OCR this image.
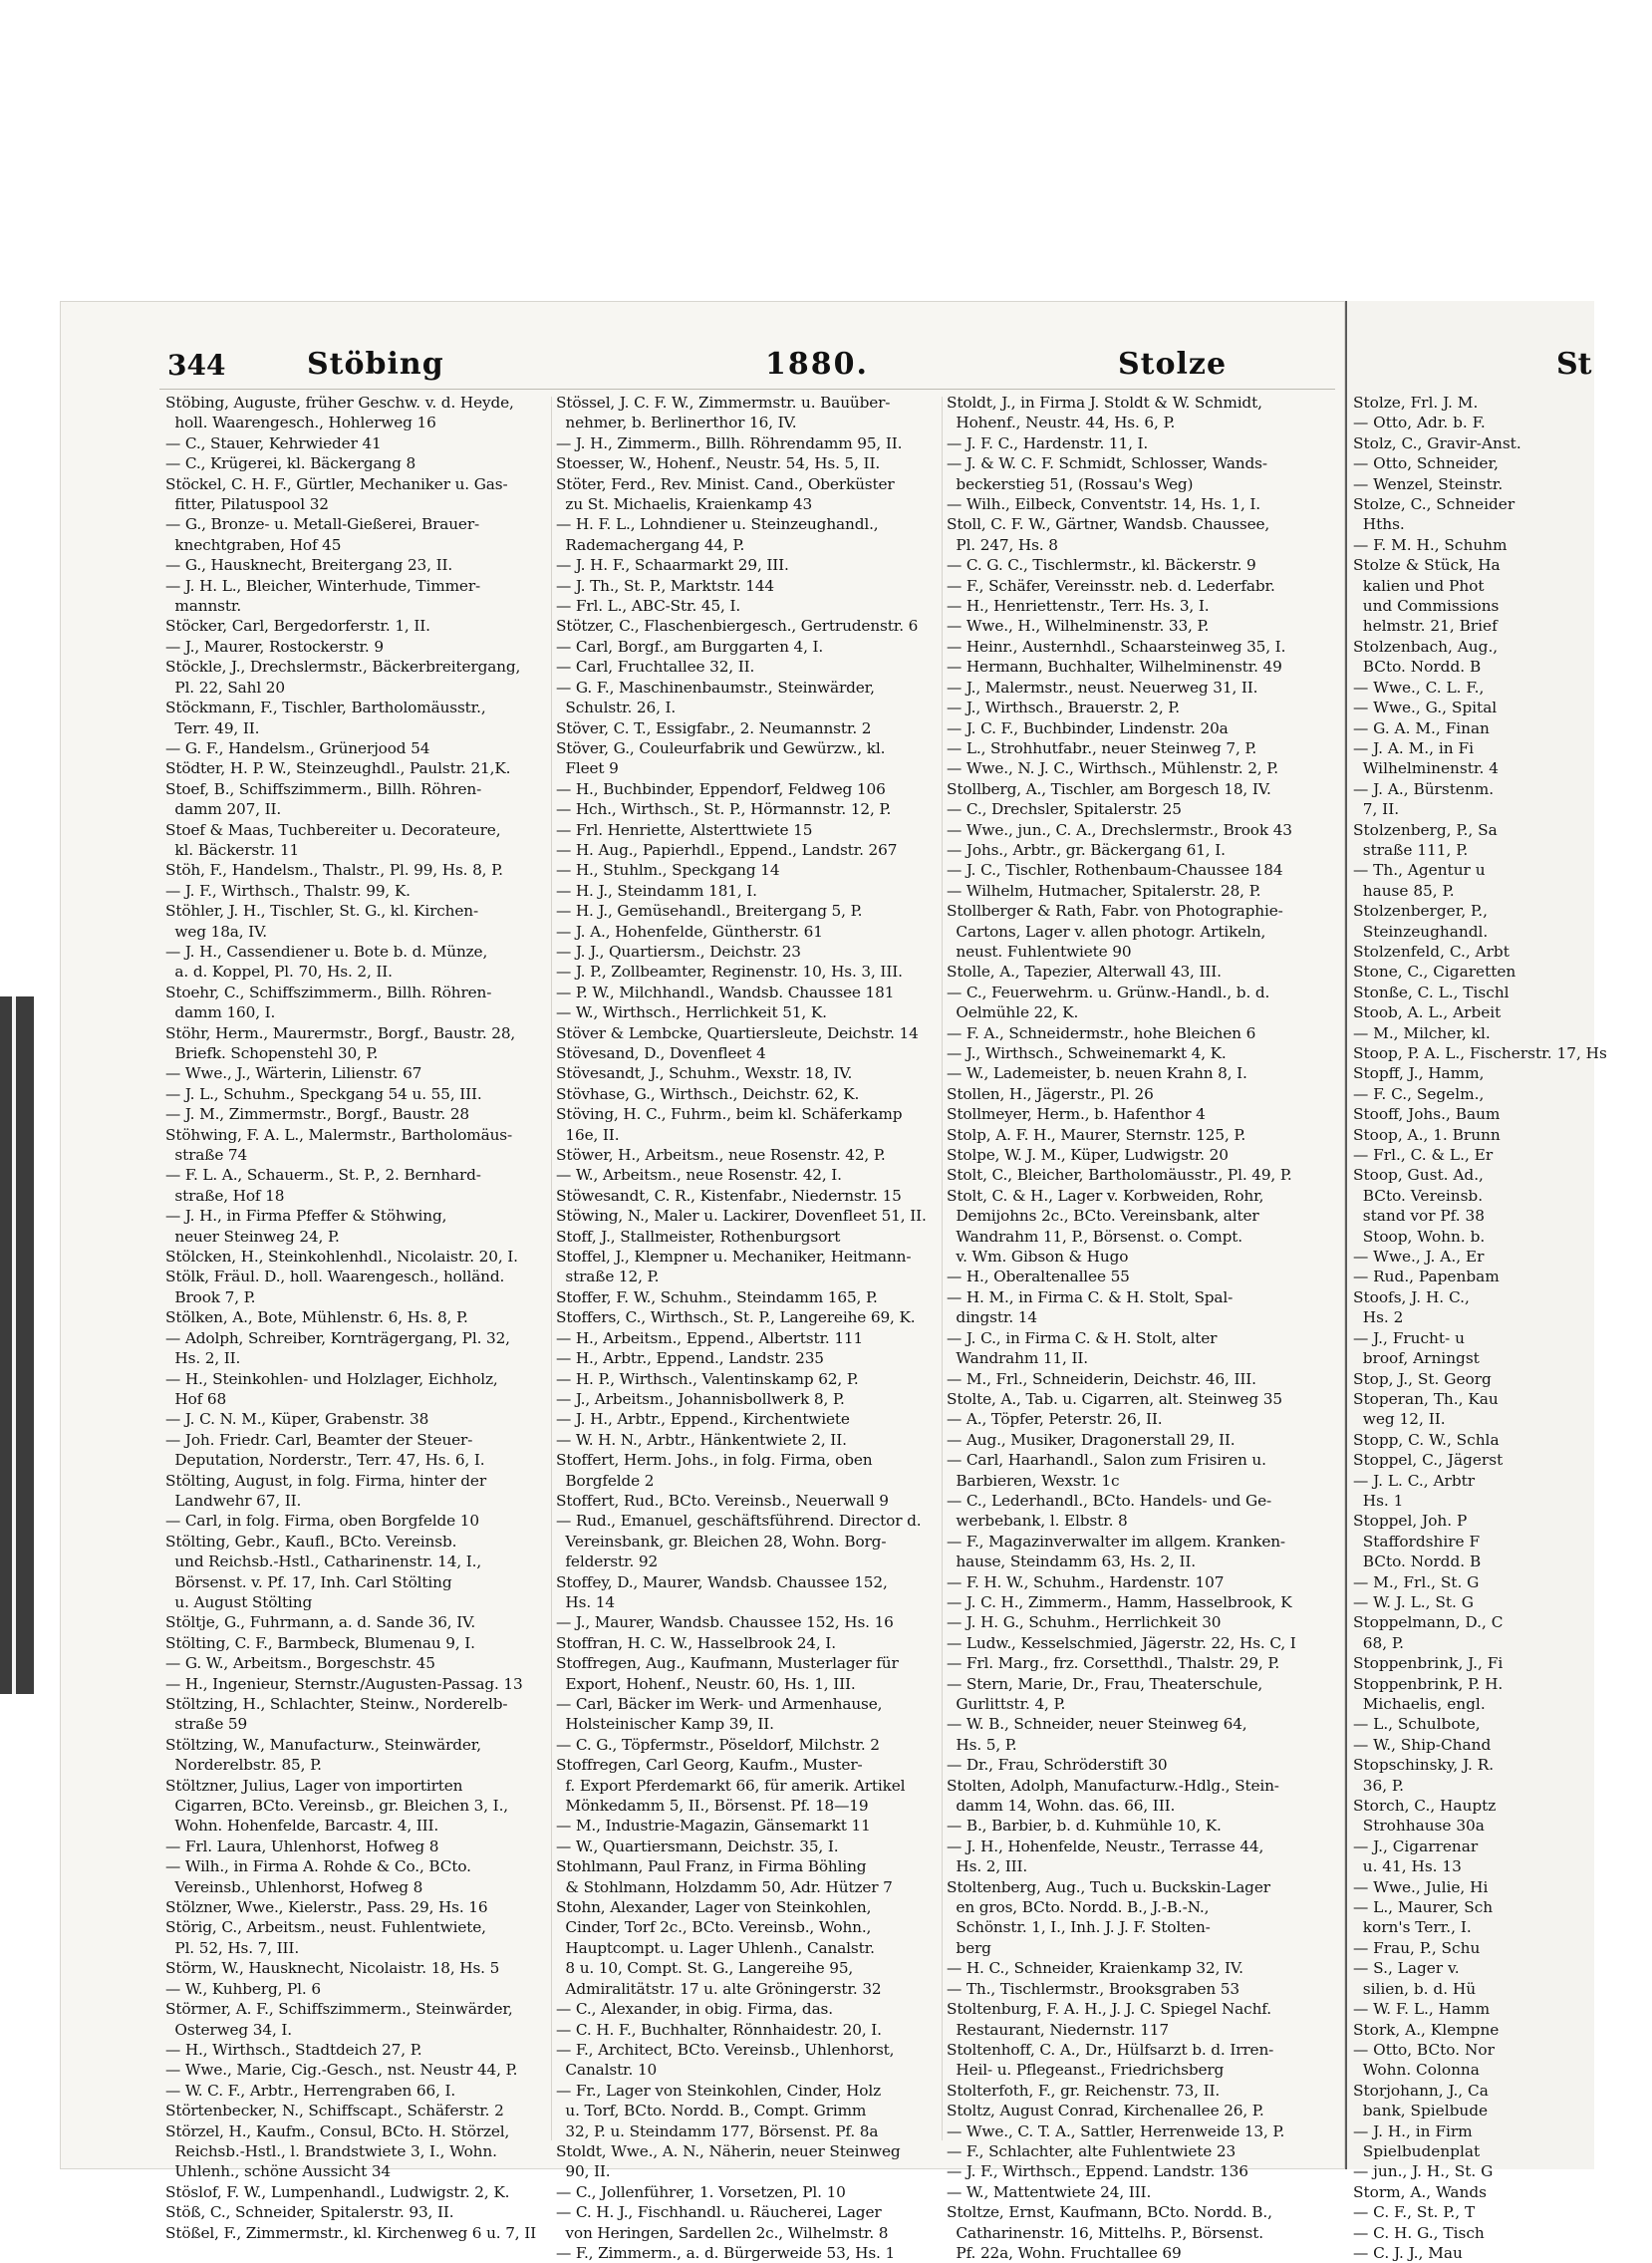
344	Stöbing	1880.	Stolze
Stöbing, Auguste, früher Geschw. v. d. Heyde,
holl. Waarengesch., Hohlerweg 16
— C., Stauer, Kehrwieder 41
— C., Krügerei, kl. Bäckergang 8
Stöckel, C. H. F., Gürtler, Mechaniker u. Gas-
fitter, Pilatuspool 32
— G., Bronze- u. Metall-Gießerei, Brauer-
knechtgraben, Hof 45
— G., Hausknecht, Breitergang 23, II.
— J. H. L., Bleicher, Winterhude, Timmer-
mannstr.
Stöcker, Carl, Bergedorferstr. 1, II.
— J., Maurer, Rostockerstr. 9
Stöckle, J., Drechslermstr., Bäckerbreitergang,
Pl. 22, Sahl 20
Stöckmann, F., Tischler, Bartholomäusstr.,
Terr. 49, II.
— G. F., Handelsm., Grünerjood 54
Stödter, H. P. W., Steinzeughdl., Paulstr. 21,K.
Stoef, B., Schiffszimmerm., Billh. Röhren-
damm 207, II.
Stoef & Maas, Tuchbereiter u. Decorateure,
kl. Bäckerstr. 11
Stöh, F., Handelsm., Thalstr., Pl. 99, Hs. 8, P.
— J. F., Wirthsch., Thalstr. 99, K.
Stöhler, J. H., Tischler, St. G., kl. Kirchen-
weg 18a, IV.
— J. H., Cassendiener u. Bote b. d. Münze,
a. d. Koppel, Pl. 70, Hs. 2, II.
Stoehr, C., Schiffszimmerm., Billh. Röhren-
damm 160, I.
Stöhr, Herm., Maurermstr., Borgf., Baustr. 28,
Briefk. Schopenstehl 30, P.
— Wwe., J., Wärterin, Lilienstr. 67
— J. L., Schuhm., Speckgang 54 u. 55, III.
— J. M., Zimmermstr., Borgf., Baustr. 28
Stöhwing, F. A. L., Malermstr., Bartholomäus-
straße 74
— F. L. A., Schauerm., St. P., 2. Bernhard-
straße, Hof 18
— J. H., in Firma Pfeffer & Stöhwing,
neuer Steinweg 24, P.
Stölcken, H., Steinkohlenhdl., Nicolaistr. 20, I.
Stölk, Fräul. D., holl. Waarengesch., holländ.
Brook 7, P.
Stölken, A., Bote, Mühlenstr. 6, Hs. 8, P.
— Adolph, Schreiber, Kornträgergang, Pl. 32,
Hs. 2, II.
— H., Steinkohlen- und Holzlager, Eichholz,
Hof 68
— J. C. N. M., Küper, Grabenstr. 38
— Joh. Friedr. Carl, Beamter der Steuer-
Deputation, Norderstr., Terr. 47, Hs. 6, I.
Stölting, August, in folg. Firma, hinter der
Landwehr 67, II.
— Carl, in folg. Firma, oben Borgfelde 10
Stölting, Gebr., Kaufl., BCto. Vereinsb.
und Reichsb.-Hstl., Catharinenstr. 14, I.,
Börsenst. v. Pf. 17, Inh. Carl Stölting
u. August Stölting
Stöltje, G., Fuhrmann, a. d. Sande 36, IV.
Stölting, C. F., Barmbeck, Blumenau 9, I.
— G. W., Arbeitsm., Borgeschstr. 45
— H., Ingenieur, Sternstr./Augusten-Passag. 13
Stöltzing, H., Schlachter, Steinw., Norderelb-
straße 59
Stöltzing, W., Manufacturw., Steinwärder,
Norderelbstr. 85, P.
Stöltzner, Julius, Lager von importirten
Cigarren, BCto. Vereinsb., gr. Bleichen 3, I.,
Wohn. Hohenfelde, Barcastr. 4, III.
— Frl. Laura, Uhlenhorst, Hofweg 8
— Wilh., in Firma A. Rohde & Co., BCto.
Vereinsb., Uhlenhorst, Hofweg 8
Stölzner, Wwe., Kielerstr., Pass. 29, Hs. 16
Störig, C., Arbeitsm., neust. Fuhlentwiete,
Pl. 52, Hs. 7, III.
Störm, W., Hausknecht, Nicolaistr. 18, Hs. 5
— W., Kuhberg, Pl. 6
Störmer, A. F., Schiffszimmerm., Steinwärder,
Osterweg 34, I.
— H., Wirthsch., Stadtdeich 27, P.
— Wwe., Marie, Cig.-Gesch., nst. Neustr 44, P.
— W. C. F., Arbtr., Herrengraben 66, I.
Störtenbecker, N., Schiffscapt., Schäferstr. 2
Störzel, H., Kaufm., Consul, BCto. H. Störzel,
Reichsb.-Hstl., l. Brandstwiete 3, I., Wohn.
Uhlenh., schöne Aussicht 34
Stöslof, F. W., Lumpenhandl., Ludwigstr. 2, K.
Stöß, C., Schneider, Spitalerstr. 93, II.
Stößel, F., Zimmermstr., kl. Kirchenweg 6 u. 7, II
Stössel, J. C. F. W., Zimmermstr. u. Bauüber-
nehmer, b. Berlinerthor 16, IV.
— J. H., Zimmerm., Billh. Röhrendamm 95, II.
Stoesser, W., Hohenf., Neustr. 54, Hs. 5, II.
Stöter, Ferd., Rev. Minist. Cand., Oberküster
zu St. Michaelis, Kraienkamp 43
— H. F. L., Lohndiener u. Steinzeughandl.,
Rademachergang 44, P.
— J. H. F., Schaarmarkt 29, III.
— J. Th., St. P., Marktstr. 144
— Frl. L., ABC-Str. 45, I.
Stötzer, C., Flaschenbiergesch., Gertrudenstr. 6
— Carl, Borgf., am Burggarten 4, I.
— Carl, Fruchtallee 32, II.
— G. F., Maschinenbaumstr., Steinwärder,
Schulstr. 26, I.
Stöver, C. T., Essigfabr., 2. Neumannstr. 2
Stöver, G., Couleurfabrik und Gewürzw., kl.
Fleet 9
— H., Buchbinder, Eppendorf, Feldweg 106
— Hch., Wirthsch., St. P., Hörmannstr. 12, P.
— Frl. Henriette, Alsterttwiete 15
— H. Aug., Papierhdl., Eppend., Landstr. 267
— H., Stuhlm., Speckgang 14
— H. J., Steindamm 181, I.
— H. J., Gemüsehandl., Breitergang 5, P.
— J. A., Hohenfelde, Güntherstr. 61
— J. J., Quartiersm., Deichstr. 23
— J. P., Zollbeamter, Reginenstr. 10, Hs. 3, III.
— P. W., Milchhandl., Wandsb. Chaussee 181
— W., Wirthsch., Herrlichkeit 51, K.
Stöver & Lembcke, Quartiersleute, Deichstr. 14
Stövesand, D., Dovenfleet 4
Stövesandt, J., Schuhm., Wexstr. 18, IV.
Stövhase, G., Wirthsch., Deichstr. 62, K.
Stöving, H. C., Fuhrm., beim kl. Schäferkamp
16e, II.
Stöwer, H., Arbeitsm., neue Rosenstr. 42, P.
— W., Arbeitsm., neue Rosenstr. 42, I.
Stöwesandt, C. R., Kistenfabr., Niedernstr. 15
Stöwing, N., Maler u. Lackirer, Dovenfleet 51, II.
Stoff, J., Stallmeister, Rothenburgsort
Stoffel, J., Klempner u. Mechaniker, Heitmann-
straße 12, P.
Stoffer, F. W., Schuhm., Steindamm 165, P.
Stoffers, C., Wirthsch., St. P., Langereihe 69, K.
— H., Arbeitsm., Eppend., Albertstr. 111
— H., Arbtr., Eppend., Landstr. 235
— H. P., Wirthsch., Valentinskamp 62, P.
— J., Arbeitsm., Johannisbollwerk 8, P.
— J. H., Arbtr., Eppend., Kirchentwiete
— W. H. N., Arbtr., Hänkentwiete 2, II.
Stoffert, Herm. Johs., in folg. Firma, oben
Borgfelde 2
Stoffert, Rud., BCto. Vereinsb., Neuerwall 9
— Rud., Emanuel, geschäftsführend. Director d.
Vereinsbank, gr. Bleichen 28, Wohn. Borg-
felderstr. 92
Stoffey, D., Maurer, Wandsb. Chaussee 152,
Hs. 14
— J., Maurer, Wandsb. Chaussee 152, Hs. 16
Stoffran, H. C. W., Hasselbrook 24, I.
Stoffregen, Aug., Kaufmann, Musterlager für
Export, Hohenf., Neustr. 60, Hs. 1, III.
— Carl, Bäcker im Werk- und Armenhause,
Holsteinischer Kamp 39, II.
— C. G., Töpfermstr., Pöseldorf, Milchstr. 2
Stoffregen, Carl Georg, Kaufm., Muster-
f. Export Pferdemarkt 66, für amerik. Artikel
Mönkedamm 5, II., Börsenst. Pf. 18—19
— M., Industrie-Magazin, Gänsemarkt 11
— W., Quartiersmann, Deichstr. 35, I.
Stohlmann, Paul Franz, in Firma Böhling
& Stohlmann, Holzdamm 50, Adr. Hützer 7
Stohn, Alexander, Lager von Steinkohlen,
Cinder, Torf 2c., BCto. Vereinsb., Wohn.,
Hauptcompt. u. Lager Uhlenh., Canalstr.
8 u. 10, Compt. St. G., Langereihe 95,
Admiralitätstr. 17 u. alte Gröningerstr. 32
— C., Alexander, in obig. Firma, das.
— C. H. F., Buchhalter, Rönnhaidestr. 20, I.
— F., Architect, BCto. Vereinsb., Uhlenhorst,
Canalstr. 10
— Fr., Lager von Steinkohlen, Cinder, Holz
u. Torf, BCto. Nordd. B., Compt. Grimm
32, P. u. Steindamm 177, Börsenst. Pf. 8a
Stoldt, Wwe., A. N., Näherin, neuer Steinweg
90, II.
— C., Jollenführer, 1. Vorsetzen, Pl. 10
— C. H. J., Fischhandl. u. Räucherei, Lager
von Heringen, Sardellen 2c., Wilhelmstr. 8
— F., Zimmerm., a. d. Bürgerweide 53, Hs. 1
Stoldt, J., in Firma J. Stoldt & W. Schmidt,
Hohenf., Neustr. 44, Hs. 6, P.
— J. F. C., Hardenstr. 11, I.
— J. & W. C. F. Schmidt, Schlosser, Wands-
beckerstieg 51, (Rossau's Weg)
— Wilh., Eilbeck, Conventstr. 14, Hs. 1, I.
Stoll, C. F. W., Gärtner, Wandsb. Chaussee,
Pl. 247, Hs. 8
— C. G. C., Tischlermstr., kl. Bäckerstr. 9
— F., Schäfer, Vereinsstr. neb. d. Lederfabr.
— H., Henriettenstr., Terr. Hs. 3, I.
— Wwe., H., Wilhelminenstr. 33, P.
— Heinr., Austernhdl., Schaarsteinweg 35, I.
— Hermann, Buchhalter, Wilhelminenstr. 49
— J., Malermstr., neust. Neuerweg 31, II.
— J., Wirthsch., Brauerstr. 2, P.
— J. C. F., Buchbinder, Lindenstr. 20a
— L., Strohhutfabr., neuer Steinweg 7, P.
— Wwe., N. J. C., Wirthsch., Mühlenstr. 2, P.
Stollberg, A., Tischler, am Borgesch 18, IV.
— C., Drechsler, Spitalerstr. 25
— Wwe., jun., C. A., Drechslermstr., Brook 43
— Johs., Arbtr., gr. Bäckergang 61, I.
— J. C., Tischler, Rothenbaum-Chaussee 184
— Wilhelm, Hutmacher, Spitalerstr. 28, P.
Stollberger & Rath, Fabr. von Photographie-
Cartons, Lager v. allen photogr. Artikeln,
neust. Fuhlentwiete 90
Stolle, A., Tapezier, Alterwall 43, III.
— C., Feuerwehrm. u. Grünw.-Handl., b. d.
Oelmühle 22, K.
— F. A., Schneidermstr., hohe Bleichen 6
— J., Wirthsch., Schweinemarkt 4, K.
— W., Lademeister, b. neuen Krahn 8, I.
Stollen, H., Jägerstr., Pl. 26
Stollmeyer, Herm., b. Hafenthor 4
Stolp, A. F. H., Maurer, Sternstr. 125, P.
Stolpe, W. J. M., Küper, Ludwigstr. 20
Stolt, C., Bleicher, Bartholomäusstr., Pl. 49, P.
Stolt, C. & H., Lager v. Korbweiden, Rohr,
Demijohns 2c., BCto. Vereinsbank, alter
Wandrahm 11, P., Börsenst. o. Compt.
v. Wm. Gibson & Hugo
— H., Oberaltenallee 55
— H. M., in Firma C. & H. Stolt, Spal-
dingstr. 14
— J. C., in Firma C. & H. Stolt, alter
Wandrahm 11, II.
— M., Frl., Schneiderin, Deichstr. 46, III.
Stolte, A., Tab. u. Cigarren, alt. Steinweg 35
— A., Töpfer, Peterstr. 26, II.
— Aug., Musiker, Dragonerstall 29, II.
— Carl, Haarhandl., Salon zum Frisiren u.
Barbieren, Wexstr. 1c
— C., Lederhandl., BCto. Handels- und Ge-
werbebank, l. Elbstr. 8
— F., Magazinverwalter im allgem. Kranken-
hause, Steindamm 63, Hs. 2, II.
— F. H. W., Schuhm., Hardenstr. 107
— J. C. H., Zimmerm., Hamm, Hasselbrook, K
— J. H. G., Schuhm., Herrlichkeit 30
— Ludw., Kesselschmied, Jägerstr. 22, Hs. C, I
— Frl. Marg., frz. Corsetthdl., Thalstr. 29, P.
— Stern, Marie, Dr., Frau, Theaterschule,
Gurlittstr. 4, P.
— W. B., Schneider, neuer Steinweg 64,
Hs. 5, P.
— Dr., Frau, Schröderstift 30
Stolten, Adolph, Manufacturw.-Hdlg., Stein-
damm 14, Wohn. das. 66, III.
— B., Barbier, b. d. Kuhmühle 10, K.
— J. H., Hohenfelde, Neustr., Terrasse 44,
Hs. 2, III.
Stoltenberg, Aug., Tuch u. Buckskin-Lager
en gros, BCto. Nordd. B., J.-B.-N.,
Schönstr. 1, I., Inh. J. J. F. Stolten-
berg
— H. C., Schneider, Kraienkamp 32, IV.
— Th., Tischlermstr., Brooksgraben 53
Stoltenburg, F. A. H., J. J. C. Spiegel Nachf.
Restaurant, Niedernstr. 117
Stoltenhoff, C. A., Dr., Hülfsarzt b. d. Irren-
Heil- u. Pflegeanst., Friedrichsberg
Stolterfoth, F., gr. Reichenstr. 73, II.
Stoltz, August Conrad, Kirchenallee 26, P.
— Wwe., C. T. A., Sattler, Herrenweide 13, P.
— F., Schlachter, alte Fuhlentwiete 23
— J. F., Wirthsch., Eppend. Landstr. 136
— W., Mattentwiete 24, III.
Stoltze, Ernst, Kaufmann, BCto. Nordd. B.,
Catharinenstr. 16, Mittelhs. P., Börsenst.
Pf. 22a, Wohn. Fruchtallee 69
St
Stolze, Frl. J. M.
— Otto, Adr. b. F.
Stolz, C., Gravir-Anst.
— Otto, Schneider,
— Wenzel, Steinstr.
Stolze, C., Schneider
Hths.
— F. M. H., Schuhm
Stolze & Stück, Ha
kalien und Phot
und Commissions
helmstr. 21, Brief
Stolzenbach, Aug.,
BCto. Nordd. B
— Wwe., C. L. F.,
— Wwe., G., Spital
— G. A. M., Finan
— J. A. M., in Fi
Wilhelminenstr. 4
— J. A., Bürstenm.
7, II.
Stolzenberg, P., Sa
straße 111, P.
— Th., Agentur u
hause 85, P.
Stolzenberger, P.,
Steinzeughandl.
Stolzenfeld, C., Arbt
Stone, C., Cigaretten
Stonße, C. L., Tischl
Stoob, A. L., Arbeit
— M., Milcher, kl.
Stoop, P. A. L., Fischerstr. 17, Hs
Stopff, J., Hamm,
— F. C., Segelm.,
Stooff, Johs., Baum
Stoop, A., 1. Brunn
— Frl., C. & L., Er
Stoop, Gust. Ad.,
BCto. Vereinsb.
stand vor Pf. 38
Stoop, Wohn. b.
— Wwe., J. A., Er
— Rud., Papenbam
Stoofs, J. H. C.,
Hs. 2
— J., Frucht- u
broof, Arningst
Stop, J., St. Georg
Stoperan, Th., Kau
weg 12, II.
Stopp, C. W., Schla
Stoppel, C., Jägerst
— J. L. C., Arbtr
Hs. 1
Stoppel, Joh. P
Staffordshire F
BCto. Nordd. B
— M., Frl., St. G
— W. J. L., St. G
Stoppelmann, D., C
68, P.
Stoppenbrink, J., Fi
Stoppenbrink, P. H.
Michaelis, engl.
— L., Schulbote,
— W., Ship-Chand
Stopschinsky, J. R.
36, P.
Storch, C., Hauptz
Strohhause 30a
— J., Cigarrenar
u. 41, Hs. 13
— Wwe., Julie, Hi
— L., Maurer, Sch
korn's Terr., I.
— Frau, P., Schu
— S., Lager v.
silien, b. d. Hü
— W. F. L., Hamm
Stork, A., Klempne
— Otto, BCto. Nor
Wohn. Colonna
Storjohann, J., Ca
bank, Spielbude
— J. H., in Firm
Spielbudenplat
— jun., J. H., St. G
Storm, A., Wands
— C. F., St. P., T
— C. H. G., Tisch
— C. J. J., Mau
